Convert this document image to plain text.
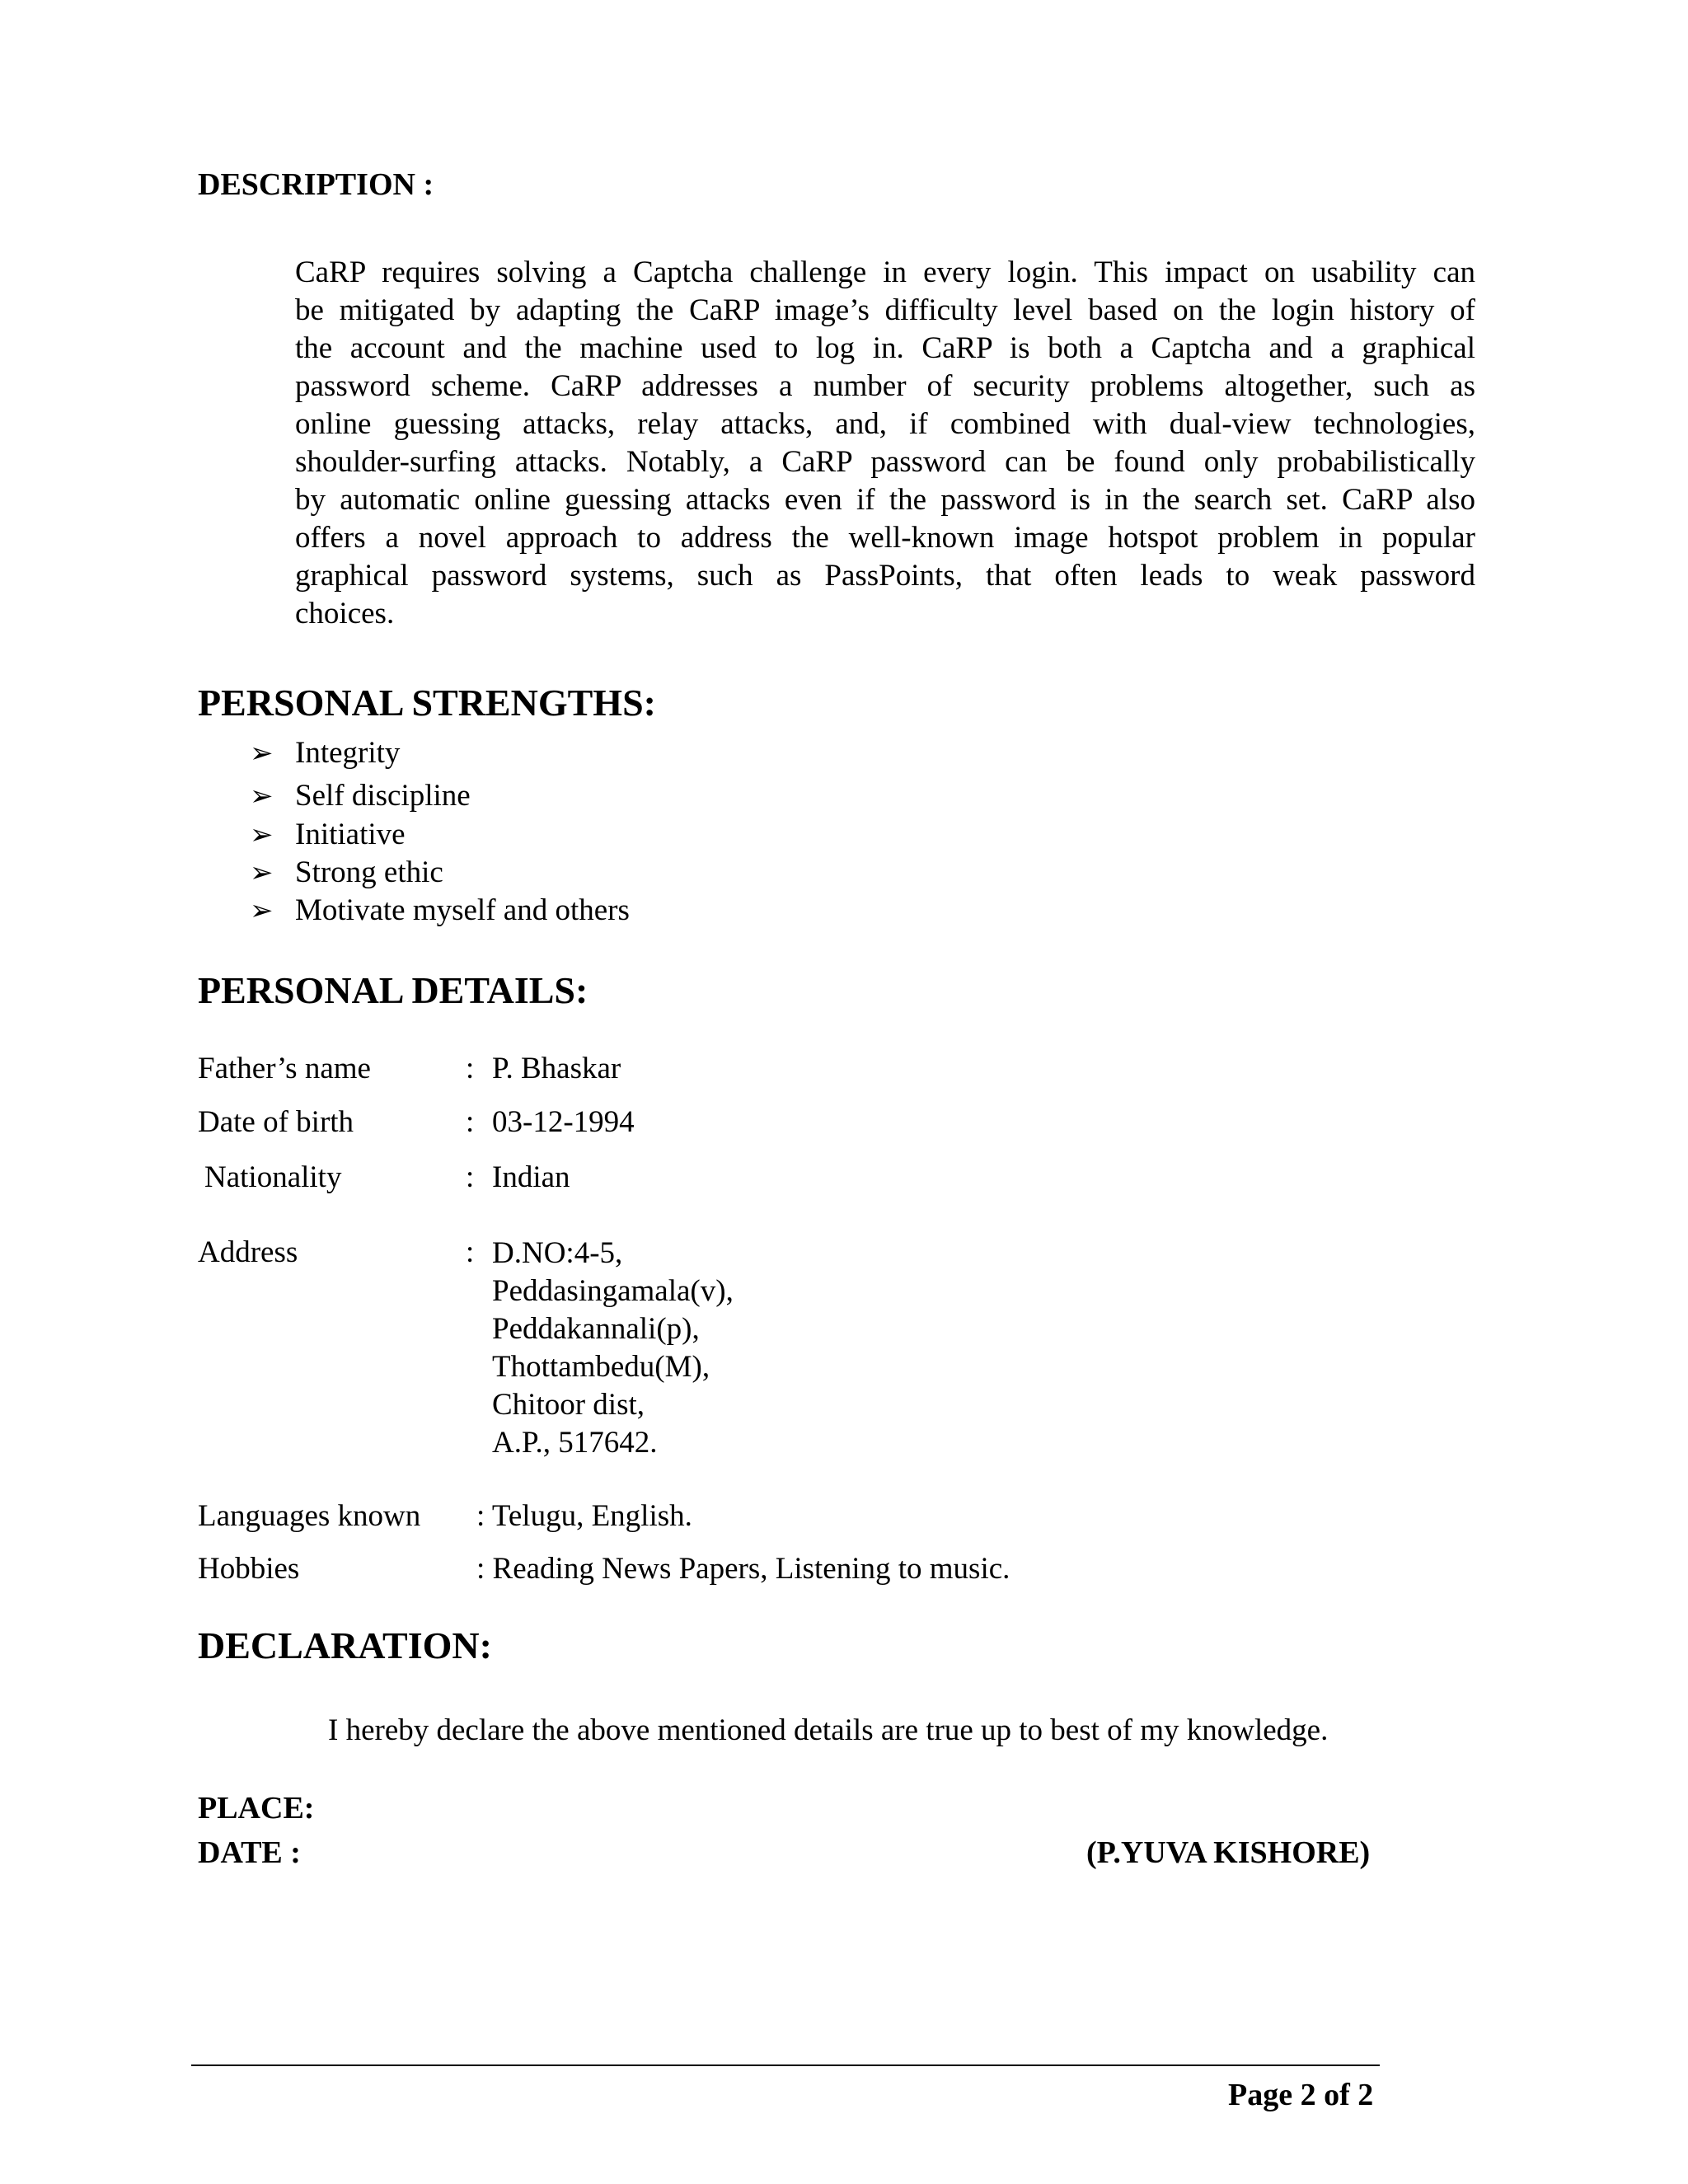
DESCRIPTION :
CaRP requires solving a Captcha challenge in every login. This impact on usability can
be mitigated by adapting the CaRP image’s difficulty level based on the login history of
the account and the machine used to log in. CaRP is both a Captcha and a graphical
password scheme. CaRP addresses a number of security problems altogether, such as
online guessing attacks, relay attacks, and, if combined with dual-view technologies,
shoulder-surfing attacks. Notably, a CaRP password can be found only probabilistically
by automatic online guessing attacks even if the password is in the search set. CaRP also
offers a novel approach to address the well-known image hotspot problem in popular
graphical password systems, such as PassPoints, that often leads to weak password
choices.
PERSONAL STRENGTHS:
➢ Integrity
➢ Self discipline
➢ Initiative
➢ Strong ethic
➢ Motivate myself and others
PERSONAL DETAILS:
Father’s name	: P. Bhaskar
Date of birth	: 03-12-1994
Nationality	: Indian
Address	: D.NO:4-5,
Peddasingamala(v),
Peddakannali(p),
Thottambedu(M),
Chitoor dist,
A.P., 517642.
Languages known : Telugu, English.
Hobbies	: Reading News Papers, Listening to music.
DECLARATION:
I hereby declare the above mentioned details are true up to best of my knowledge.
PLACE:
DATE :	(P.YUVA KISHORE)
Page 2 of 2
